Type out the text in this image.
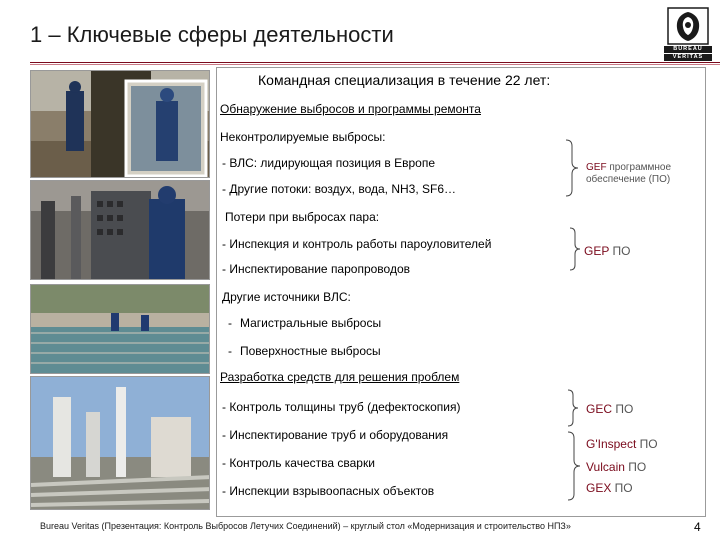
1 – Ключевые сферы деятельности
BUREAU
VERITAS
Командная специализация в течение 22 лет:
Обнаружение выбросов и программы ремонта
Неконтролируемые выбросы:
- ВЛС: лидирующая позиция в Европе
- Другие потоки: воздух, вода, NH3, SF6…
Потери при выбросах пара:
- Инспекция и контроль работы пароуловителей
- Инспектирование паропроводов
Другие источники ВЛС:
- Магистральные выбросы
- Поверхностные выбросы
Разработка средств для решения проблем
- Контроль толщины труб (дефектоскопия)
- Инспектирование труб и оборудования
- Контроль качества сварки
- Инспекции взрывоопасных объектов
GEF программное
обеспечение (ПО)
GEP ПО
GEC ПО
G'Inspect ПО
Vulcain ПО
GEX ПО
Bureau Veritas (Презентация: Контроль Выбросов Летучих Соединений) – круглый стол «Модернизация и строительство НПЗ»	4
